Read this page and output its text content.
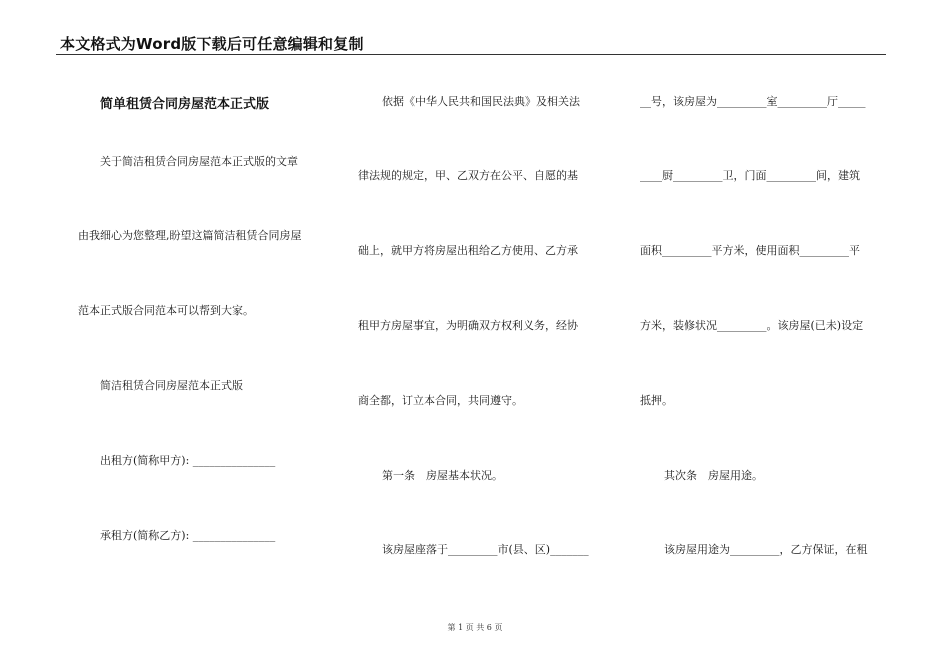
本文格式为Word版下载后可任意编辑和复制
简单租赁合同房屋范本正式版
关于简洁租赁合同房屋范本正式版的文章
由我细心为您整理,盼望这篇简洁租赁合同房屋
范本正式版合同范本可以帮到大家。
简洁租赁合同房屋范本正式版
出租方(简称甲方): _______________
承租方(简称乙方): _______________
依据《中华人民共和国民法典》及相关法
律法规的规定，甲、乙双方在公平、自愿的基
础上，就甲方将房屋出租给乙方使用、乙方承
租甲方房屋事宜，为明确双方权利义务，经协
商全都，订立本合同，共同遵守。
第一条　房屋基本状况。
该房屋座落于_________市(县、区)_______
__号，该房屋为_________室_________厅_____
____厨_________卫，门面_________间，建筑
面积_________平方米，使用面积_________平
方米，装修状况_________。该房屋(已未)设定
抵押。
其次条　房屋用途。
该房屋用途为_________，乙方保证，在租
第 1 页 共 6 页
